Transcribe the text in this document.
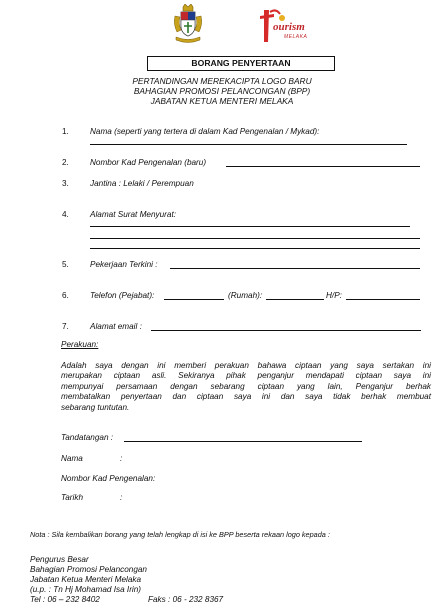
ourism
MELAKA
BORANG PENYERTAAN
PERTANDINGAN MEREKACIPTA LOGO BARU
BAHAGIAN PROMOSI PELANCONGAN (BPP)
JABATAN KETUA MENTERI MELAKA
1.	Nama (seperti yang tertera di dalam Kad Pengenalan / Mykad):
2.	Nombor Kad Pengenalan (baru)
3.	Jantina : Lelaki / Perempuan
4.	Alamat Surat Menyurat:
5.	Pekerjaan Terkini :
6.	Telefon (Pejabat):	(Rumah):	H/P:
7.	Alamat email :
Perakuan:
Adalah saya dengan ini memberi perakuan bahawa ciptaan yang saya sertakan ini
merupakan ciptaan asli. Sekiranya pihak penganjur mendapati ciptaan saya ini
mempunyai persamaan dengan sebarang ciptaan yang lain, Penganjur berhak
membatalkan penyertaan dan ciptaan saya ini dan saya tidak berhak membuat
sebarang tuntutan.
Tandatangan :
Nama	:
Nombor Kad Pengenalan:
Tarikh	:
Nota : Sila kembalikan borang yang telah lengkap di isi ke BPP beserta rekaan logo kepada :
Pengurus Besar
Bahagian Promosi Pelancongan
Jabatan Ketua Menteri Melaka
(u.p. : Tn Hj Mohamad Isa Irin)
Tel : 06 – 232 8402	Faks : 06 - 232 8367
